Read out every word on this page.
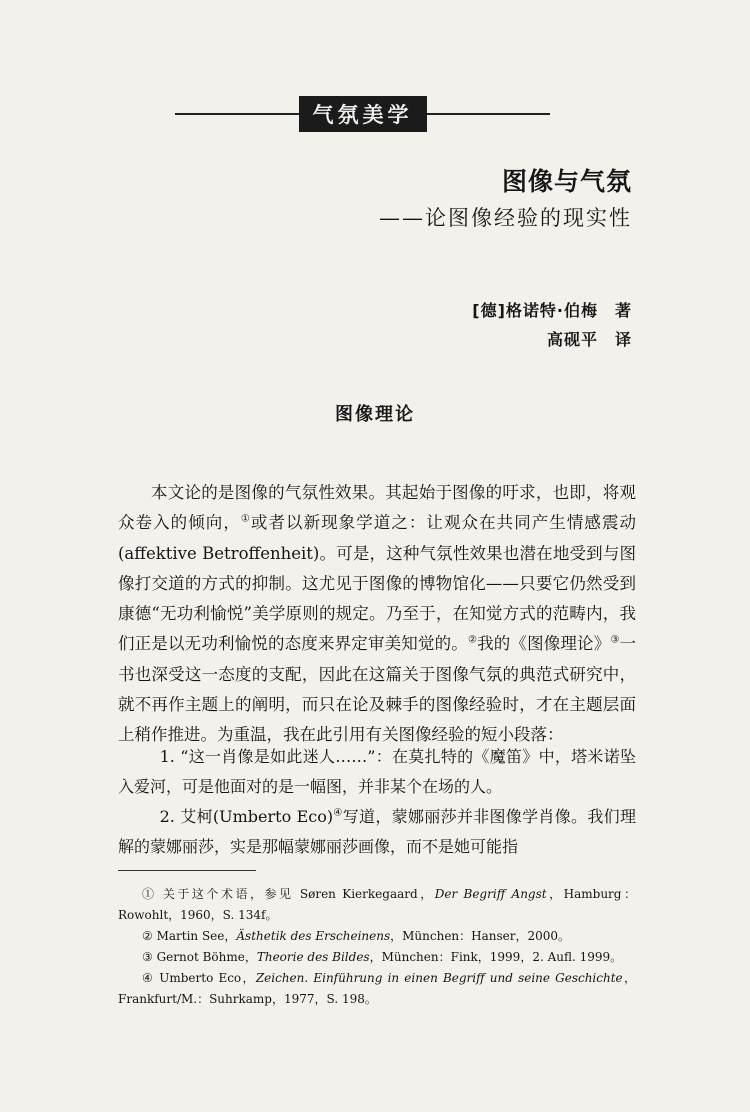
气氛美学
图像与气氛
——论图像经验的现实性
[德]格诺特·伯梅　著
高砚平　译
图像理论
本文论的是图像的气氛性效果。其起始于图像的吁求，也即，将观众卷入的倾向，①或者以新现象学道之：让观众在共同产生情感震动(affektive Betroffenheit)。可是，这种气氛性效果也潜在地受到与图像打交道的方式的抑制。这尤见于图像的博物馆化——只要它仍然受到康德“无功利愉悦”美学原则的规定。乃至于，在知觉方式的范畴内，我们正是以无功利愉悦的态度来界定审美知觉的。②我的《图像理论》③一书也深受这一态度的支配，因此在这篇关于图像气氛的典范式研究中，就不再作主题上的阐明，而只在论及棘手的图像经验时，才在主题层面上稍作推进。为重温，我在此引用有关图像经验的短小段落：
1. “这一肖像是如此迷人……”：在莫扎特的《魔笛》中，塔米诺坠入爱河，可是他面对的是一幅图，并非某个在场的人。
2. 艾柯(Umberto Eco)④写道，蒙娜丽莎并非图像学肖像。我们理解的蒙娜丽莎，实是那幅蒙娜丽莎画像，而不是她可能指
① 关于这个术语，参见 Søren Kierkegaard，Der Begriff Angst，Hamburg：Rowohlt，1960，S. 134f。
② Martin See，Ästhetik des Erscheinens，München：Hanser，2000。
③ Gernot Böhme，Theorie des Bildes，München：Fink，1999，2. Aufl. 1999。
④ Umberto Eco，Zeichen. Einführung in einen Begriff und seine Geschichte，Frankfurt/M.：Suhrkamp，1977，S. 198。
